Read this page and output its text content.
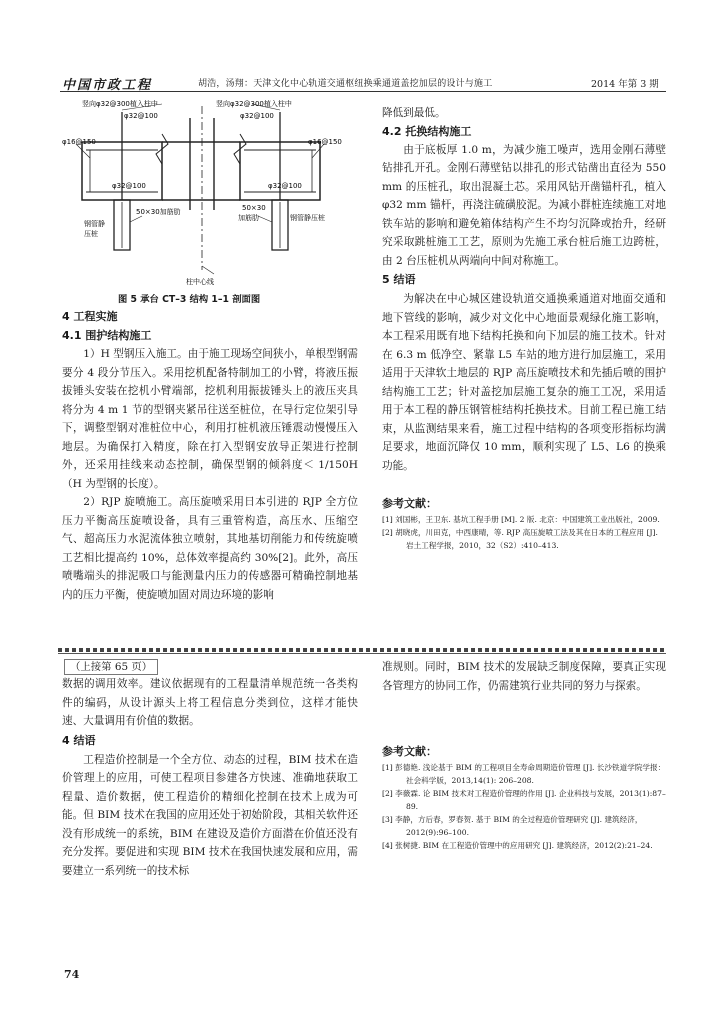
中国市政工程	胡浩，汤翔：天津文化中心轨道交通枢纽换乘通道盖挖加层的设计与施工	2014 年第 3 期
竖向φ32@300植入柱中
φ32@100
φ16@150
竖向φ32@300植入柱中
φ32@100
φ16@150
φ32@100	φ32@100
钢管静 压桩
50×30加筋肋	50×30
加筋肋	钢管静压桩
柱中心线
图 5 承台 CT–3 结构 1–1 剖面图
4 工程实施
4.1 围护结构施工

1）H 型钢压入施工。由于施工现场空间狭小，单根型钢需要分 4 段分节压入。采用挖机配备特制加工的小臂，将液压振拔锤头安装在挖机小臂端部，挖机利用振拔锤头上的液压夹具将分为 4 m 1 节的型钢夹紧吊往送至桩位，在导行定位架引导下，调整型钢对准桩位中心，利用打桩机液压锤震动慢慢压入地层。为确保打入精度，除在打入型钢安放导正架进行控制外，还采用挂线来动态控制，确保型钢的倾斜度＜ 1/150H（H 为型钢的长度）。

2）RJP 旋喷施工。高压旋喷采用日本引进的 RJP 全方位压力平衡高压旋喷设备，具有三重管构造，高压水、压缩空气、超高压力水泥流体独立喷射，其地基切削能力和传统旋喷工艺相比提高约 10%，总体效率提高约 30%[2]。此外，高压喷嘴端头的排泥吸口与能测量内压力的传感器可精确控制地基内的压力平衡，使旋喷加固对周边环境的影响

降低到最低。

4.2 托换结构施工

由于底板厚 1.0 m，为减少施工噪声，选用金刚石薄壁钻排孔开孔。金刚石薄壁钻以排孔的形式钻凿出直径为 550 mm 的压桩孔，取出混凝土芯。采用风钻开凿锚杆孔，植入 φ32 mm 锚杆，再浇注硫磺胶泥。为减小群桩连续施工对地铁车站的影响和避免箱体结构产生不均匀沉降或抬升，经研究采取跳桩施工工艺，原则为先施工承台桩后施工边跨桩，由 2 台压桩机从两端向中间对称施工。

5 结语

为解决在中心城区建设轨道交通换乘通道对地面交通和地下管线的影响，减少对文化中心地面景观绿化施工影响，本工程采用既有地下结构托换和向下加层的施工技术。针对在 6.3 m 低净空、紧靠 L5 车站的地方进行加层施工，采用适用于天津软土地层的 RJP 高压旋喷技术和先插后喷的围护结构施工工艺；针对盖挖加层施工复杂的施工工况，采用适用于本工程的静压钢管桩结构托换技术。目前工程已施工结束，从监测结果来看，施工过程中结构的各项变形指标均满足要求，地面沉降仅 10 mm，顺利实现了 L5、L6 的换乘功能。

参考文献：

[1] 刘国彬，王卫东. 基坑工程手册 [M]. 2 版. 北京：中国建筑工业出版社，2009.

[2] 胡晓虎，川田克，中西康晴，等. RJP 高压旋喷工法及其在日本的工程应用 [J]. 岩土工程学报，2010，32（S2）:410–413.

（上接第 65 页）

数据的调用效率。建议依据现有的工程量清单规范统一各类构件的编码，从设计源头上将工程信息分类到位，这样才能快速、大量调用有价值的数据。

4 结语

工程造价控制是一个全方位、动态的过程，BIM 技术在造价管理上的应用，可使工程项目参建各方快速、准确地获取工程量、造价数据，使工程造价的精细化控制在技术上成为可能。但 BIM 技术在我国的应用还处于初始阶段，其相关软件还没有形成统一的系统，BIM 在建设及造价方面潜在价值还没有充分发挥。要促进和实现 BIM 技术在我国快速发展和应用，需要建立一系列统一的技术标

准规则。同时，BIM 技术的发展缺乏制度保障，要真正实现各管理方的协同工作，仍需建筑行业共同的努力与探索。

参考文献：

[1] 彭德艳. 浅论基于 BIM 的工程项目全寿命周期造价管理 [J]. 长沙铁道学院学报：社会科学版，2013,14(1): 206–208.

[2] 李薇霖. 论 BIM 技术对工程造价管理的作用 [J]. 企业科技与发展，2013(1):87–89.

[3] 李静，方后春，罗春贺. 基于 BIM 的全过程造价管理研究 [J]. 建筑经济，2012(9):96–100.

[4] 张树捷. BIM 在工程造价管理中的应用研究 [J]. 建筑经济，2012(2):21–24.

74
